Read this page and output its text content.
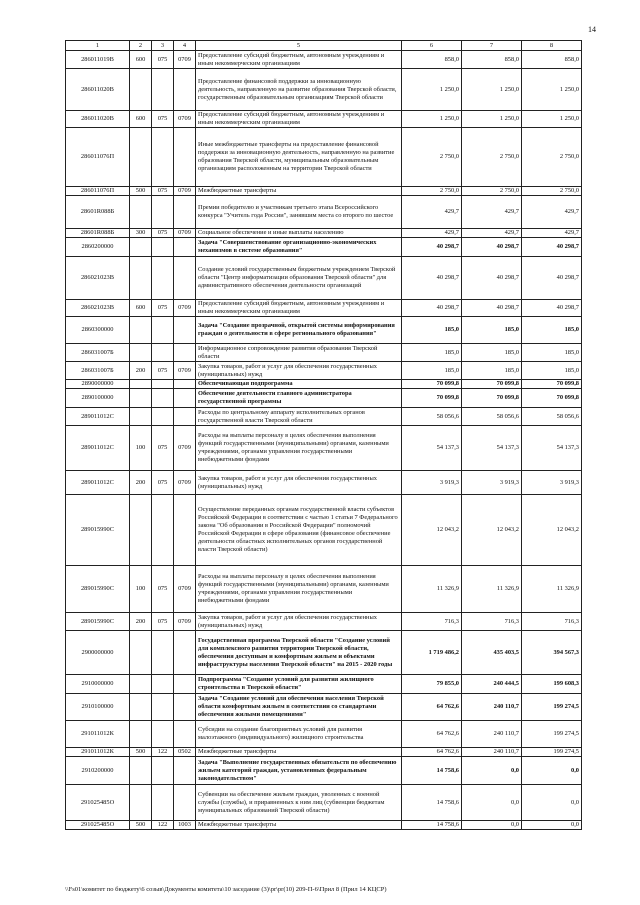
14
1	2	3	4	5	6	7	8
286011019В	600	075	0709	Предоставление субсидий бюджетным, автономным учреждениям и иным некоммерческим организациям	858,0	858,0	858,0
286011020В				Предоставление финансовой поддержки за инновационную деятельность, направленную на развитие образования Тверской области, государственным образовательным организациям Тверской области	1 250,0	1 250,0	1 250,0
286011020В	600	075	0709	Предоставление субсидий бюджетным, автономным учреждениям и иным некоммерческим организациям	1 250,0	1 250,0	1 250,0
286011076П				Иные межбюджетные трансферты на предоставление финансовой поддержки за инновационную деятельность, направленную на развитие образования Тверской области, муниципальным образовательным организациям расположенным на территории Тверской области	2 750,0	2 750,0	2 750,0
286011076П	500	075	0709	Межбюджетные трансферты	2 750,0	2 750,0	2 750,0
28601R088Б				Премии победителю и участникам третьего этапа Всероссийского конкурса "Учитель года России", занявшим места со второго по шестое	429,7	429,7	429,7
28601R088Б	300	075	0709	Социальное обеспечение и иные выплаты населению	429,7	429,7	429,7
2860200000				Задача "Совершенствование организационно-экономических механизмов в системе образования"	40 298,7	40 298,7	40 298,7
286021023В				Создание условий государственным бюджетным учреждением Тверской области "Центр информатизации образования Тверской области" для административного обеспечения деятельности организаций	40 298,7	40 298,7	40 298,7
286021023В	600	075	0709	Предоставление субсидий бюджетным, автономным учреждениям и иным некоммерческим организациям	40 298,7	40 298,7	40 298,7
2860300000				Задача "Создание прозрачной, открытой системы информирования граждан о деятельности в сфере регионального образования"	185,0	185,0	185,0
286031007Б				Информационное сопровождение развития образования Тверской области	185,0	185,0	185,0
286031007Б	200	075	0709	Закупка товаров, работ и услуг для обеспечения государственных (муниципальных) нужд	185,0	185,0	185,0
2890000000				Обеспечивающая подпрограмма	70 099,8	70 099,8	70 099,8
2890100000				Обеспечение деятельности главного администратора государственной программы	70 099,8	70 099,8	70 099,8
289011012С				Расходы по центральному аппарату исполнительных органов государственной власти Тверской области	58 056,6	58 056,6	58 056,6
289011012С	100	075	0709	Расходы на выплаты персоналу в целях обеспечения выполнения функций государственными (муниципальными) органами, казенными учреждениями, органами управления государственными внебюджетными фондами	54 137,3	54 137,3	54 137,3
289011012С	200	075	0709	Закупка товаров, работ и услуг для обеспечения государственных (муниципальных) нужд	3 919,3	3 919,3	3 919,3
289015990С				Осуществление переданных органам государственной власти субъектов Российской Федерации в соответствии с частью 1 статьи 7 Федерального закона "Об образовании в Российской Федерации" полномочий Российской Федерации в сфере образования (финансовое обеспечение деятельности областных исполнительных органов государственной власти Тверской области)	12 043,2	12 043,2	12 043,2
289015990С	100	075	0709	Расходы на выплаты персоналу в целях обеспечения выполнения функций государственными (муниципальными) органами, казенными учреждениями, органами управления государственными внебюджетными фондами	11 326,9	11 326,9	11 326,9
289015990С	200	075	0709	Закупка товаров, работ и услуг для обеспечения государственных (муниципальных) нужд	716,3	716,3	716,3
2900000000				Государственная программа Тверской области "Создание условий для комплексного развития территории Тверской области, обеспечения доступным и комфортным жильем и объектами инфраструктуры населения Тверской области" на 2015 - 2020 годы	1 719 486,2	435 403,5	394 567,3
2910000000				Подпрограмма "Создание условий для развития жилищного строительства в Тверской области"	79 855,0	240 444,5	199 608,3
2910100000				Задача "Создание условий для обеспечения населения Тверской области комфортным жильем в соответствии со стандартами обеспечения жилыми помещениями"	64 762,6	240 110,7	199 274,5
291011012К				Субсидии на создание благоприятных условий для развития малоэтажного (индивидуального) жилищного строительства	64 762,6	240 110,7	199 274,5
291011012К	500	122	0502	Межбюджетные трансферты	64 762,6	240 110,7	199 274,5
2910200000				Задача "Выполнение государственных обязательств по обеспечению жильем категорий граждан, установленных федеральным законодательством"	14 758,6	0,0	0,0
291025485О				Субвенции на обеспечение жильем граждан, уволенных с военной службы (службы), и приравненных к ним лиц (субвенции бюджетам муниципальных образований Тверской области)	14 758,6	0,0	0,0
291025485О	500	122	1003	Межбюджетные трансферты	14 758,6	0,0	0,0
\\Fs01\комитет по бюджету\6 созыв\Документы комитета\10 заседание (3)\pr\pr(10) 209-П-6\Прил 8 (Прил 14 КЦСР)
